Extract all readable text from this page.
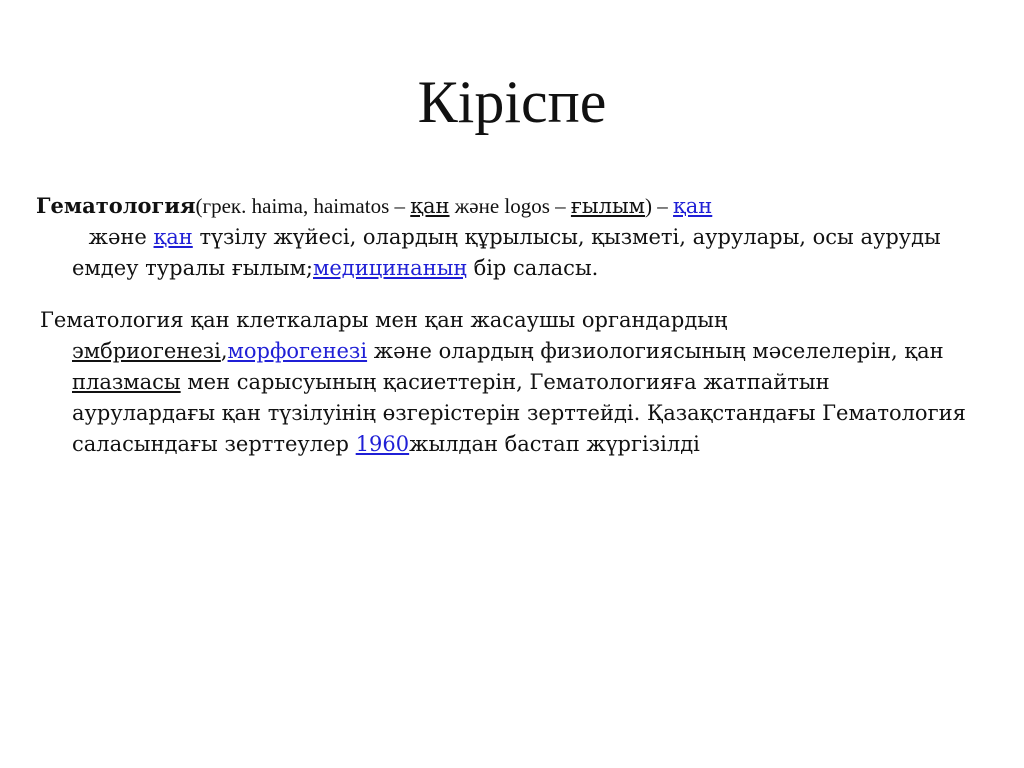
Кіріспе
Гематология(грек. haima, haimatos – қан және logos – ғылым) – қан
және қан түзілу жүйесі, олардың құрылысы, қызметі, аурулары, осы ауруды емдеу туралы ғылым;медицинаның бір саласы.
Гематология қан клеткалары мен қан жасаушы органдардың эмбриогенезі,морфогенезі және олардың физиологиясының мәселелерін, қан плазмасы мен сарысуының қасиеттерін, Гематологияға жатпайтын аурулардағы қан түзілуінің өзгерістерін зерттейді. Қазақстандағы Гематология саласындағы зерттеулер 1960жылдан бастап жүргізілді
